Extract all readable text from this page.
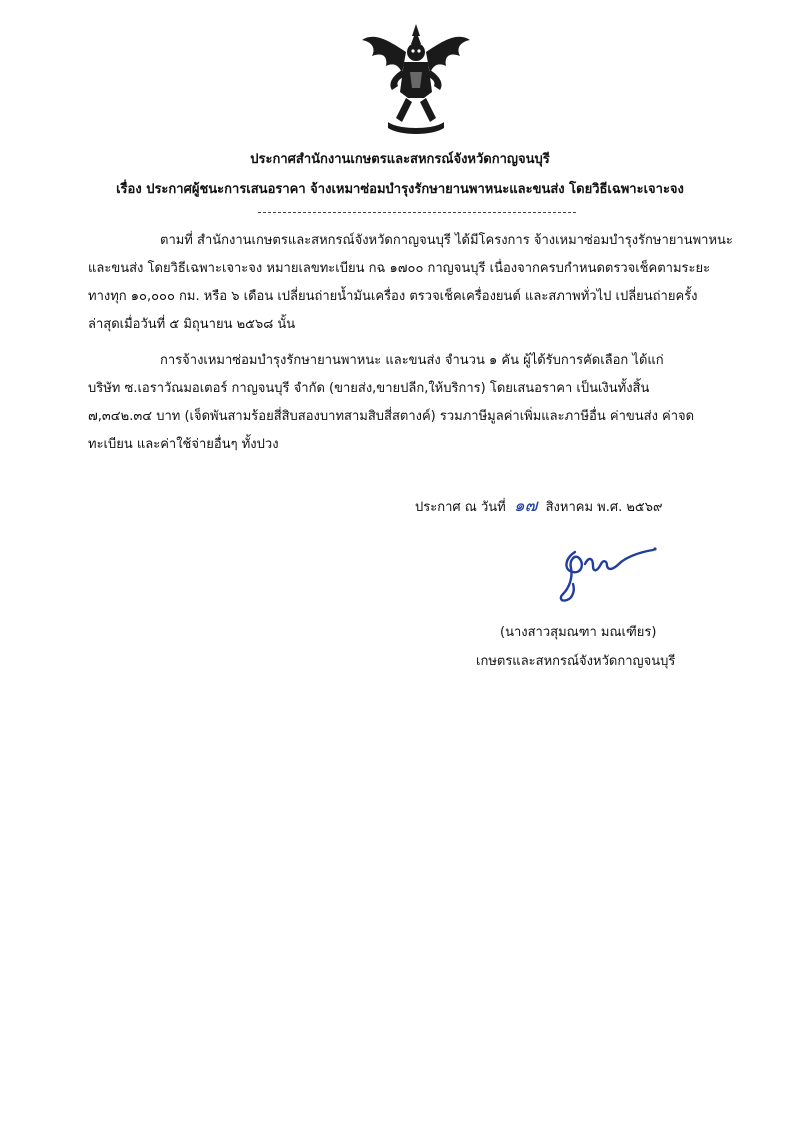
ประกาศสำนักงานเกษตรและสหกรณ์จังหวัดกาญจนบุรี
เรื่อง ประกาศผู้ชนะการเสนอราคา จ้างเหมาซ่อมบำรุงรักษายานพาหนะและขนส่ง โดยวิธีเฉพาะเจาะจง
ตามที่ สำนักงานเกษตรและสหกรณ์จังหวัดกาญจนบุรี ได้มีโครงการ จ้างเหมาซ่อมบำรุงรักษายานพาหนะ
และขนส่ง โดยวิธีเฉพาะเจาะจง หมายเลขทะเบียน กฉ ๑๗๐๐ กาญจนบุรี เนื่องจากครบกำหนดตรวจเช็คตามระยะ
ทางทุก ๑๐,๐๐๐ กม. หรือ ๖ เดือน เปลี่ยนถ่ายน้ำมันเครื่อง ตรวจเช็คเครื่องยนต์ และสภาพทั่วไป เปลี่ยนถ่ายครั้ง
ล่าสุดเมื่อวันที่ ๕ มิถุนายน ๒๕๖๘ นั้น
การจ้างเหมาซ่อมบำรุงรักษายานพาหนะ และขนส่ง จำนวน ๑ คัน ผู้ได้รับการคัดเลือก ได้แก่
บริษัท ซ.เอราวัณมอเตอร์ กาญจนบุรี จำกัด (ขายส่ง,ขายปลีก,ให้บริการ) โดยเสนอราคา เป็นเงินทั้งสิ้น
๗,๓๔๒.๓๔ บาท (เจ็ดพันสามร้อยสี่สิบสองบาทสามสิบสี่สตางค์) รวมภาษีมูลค่าเพิ่มและภาษีอื่น ค่าขนส่ง ค่าจด
ทะเบียน และค่าใช้จ่ายอื่นๆ ทั้งปวง
ประกาศ ณ วันที่ ๑๗ สิงหาคม พ.ศ. ๒๕๖๙
(นางสาวสุมณฑา มณเฑียร)
เกษตรและสหกรณ์จังหวัดกาญจนบุรี
